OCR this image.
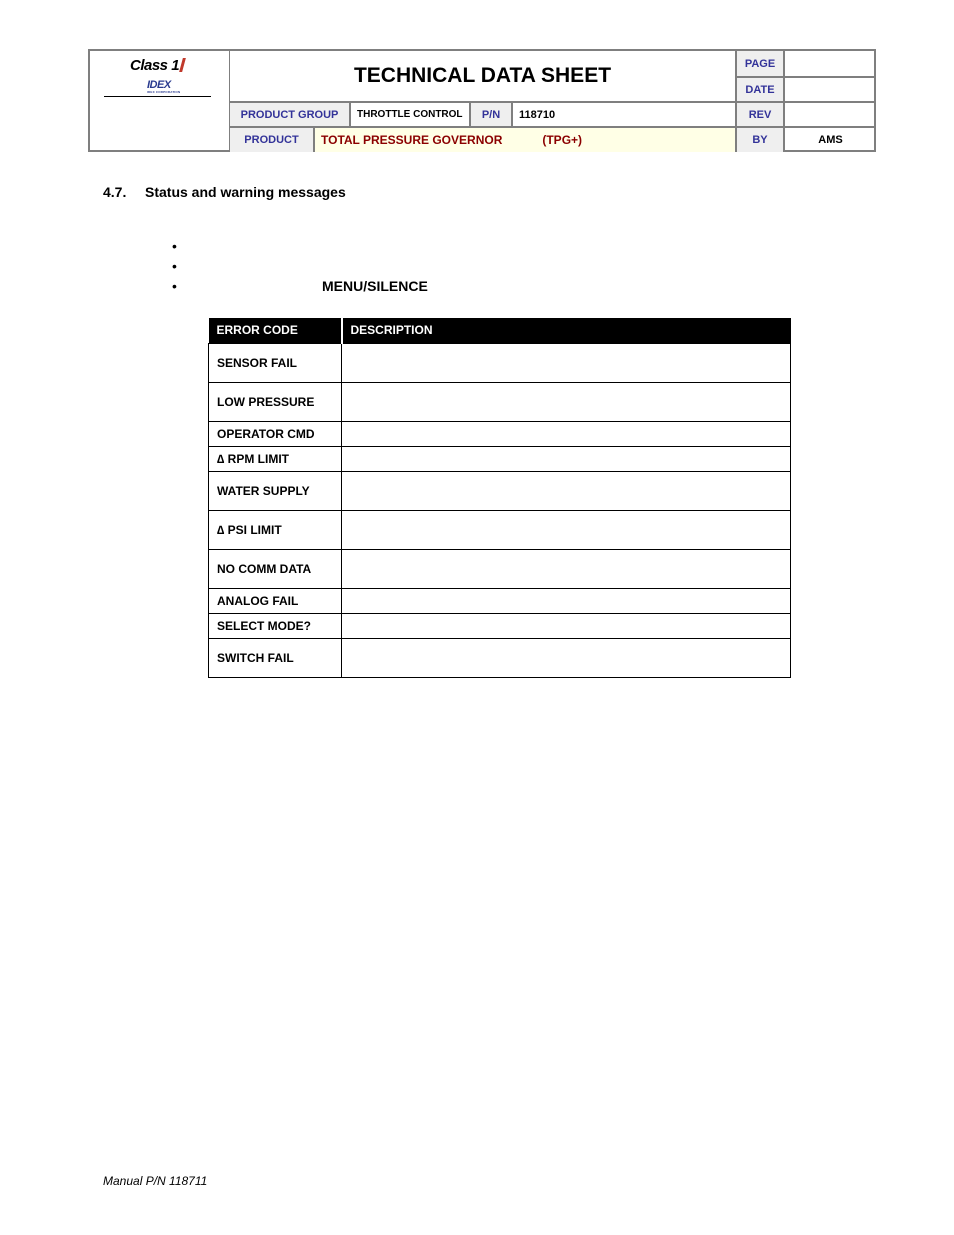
Class 1
IDEX
IDEX CORPORATION
TECHNICAL DATA SHEET
PAGE
DATE
PRODUCT GROUP	THROTTLE CONTROL	P/N	118710	REV
PRODUCT	TOTAL PRESSURE GOVERNOR	(TPG+)	BY	AMS
4.7. Status and warning messages
•
•
•	MENU/SILENCE
ERROR CODE	DESCRIPTION
SENSOR FAIL	
LOW PRESSURE	
OPERATOR CMD	
∆ RPM LIMIT	
WATER SUPPLY	
∆ PSI LIMIT	
NO COMM DATA	
ANALOG FAIL	
SELECT MODE?	
SWITCH FAIL	
Manual P/N 118711
